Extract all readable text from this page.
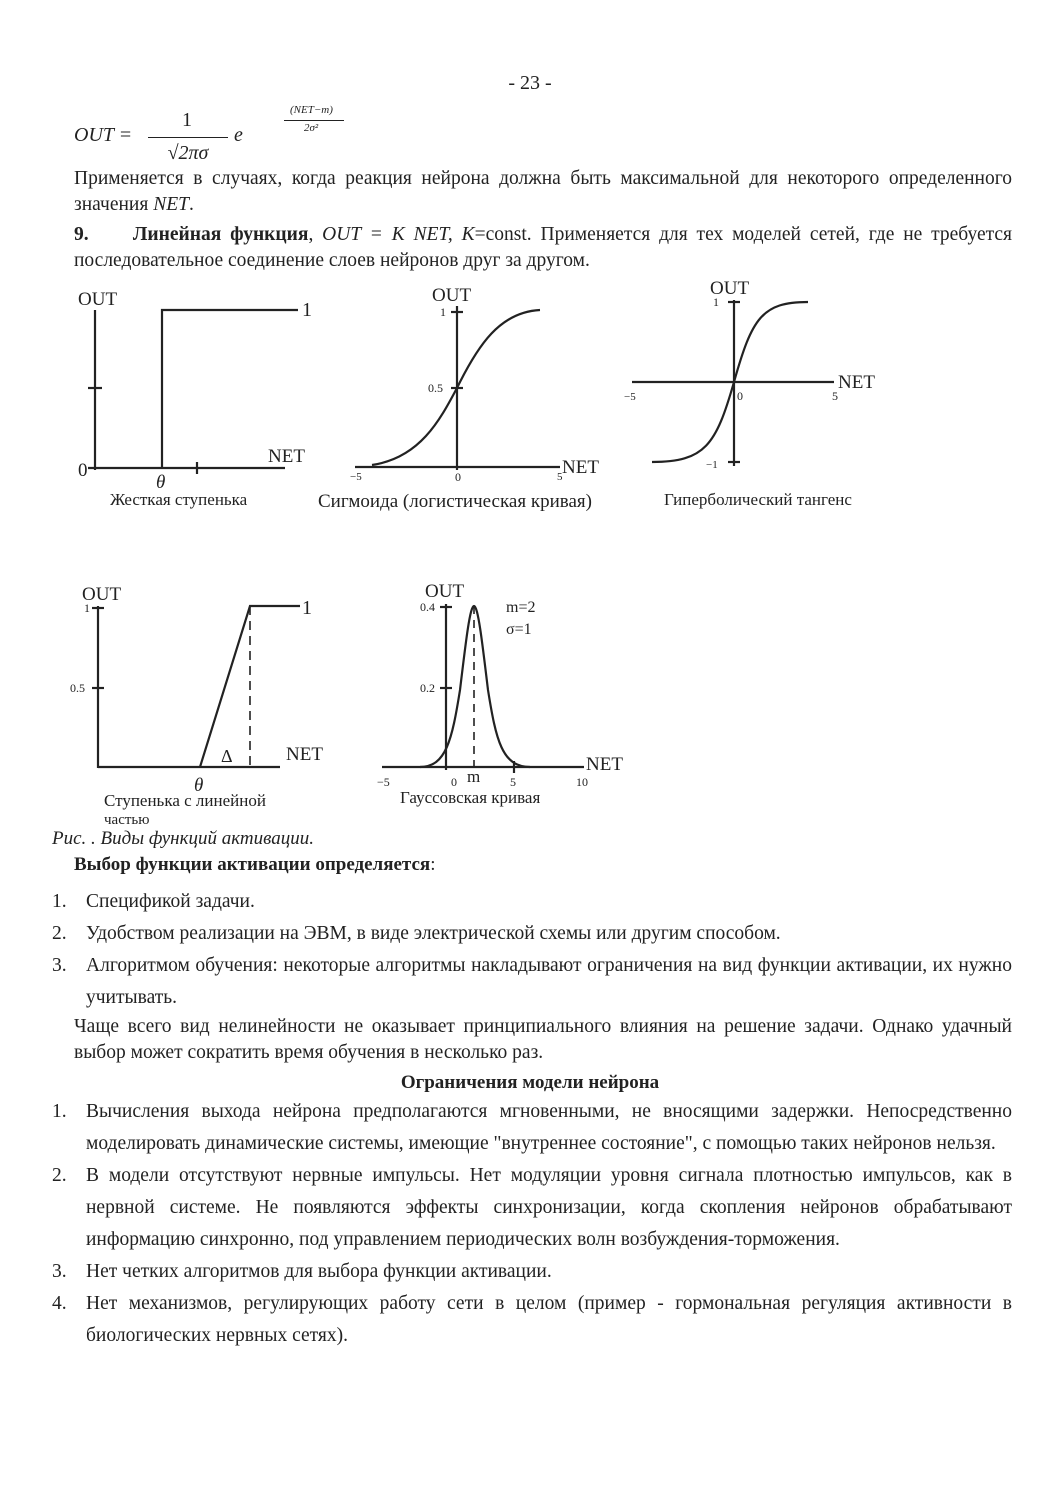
- 23 -
OUT =
1
√2πσ
e
(NET−m)
2σ²
Применяется в случаях, когда реакция нейрона должна быть максимальной для некоторого определенного значения NET.
9. Линейная функция, OUT = K NET, K=const. Применяется для тех моделей сетей, где не требуется последовательное соединение слоев нейронов друг за другом.
OUT	1
0
NET
θ
Жесткая ступенька
OUT
1
0.5
−5	0	5 NET
Сигмоида (логистическая кривая)
OUT
1
−1
−5	0	5
NET
Гиперболический тангенс
OUT
1
0.5
1
NET
Δ
θ
Ступенька с линейной
частью
OUT
0.4
0.2
m=2
σ=1
−5	0 m 5	10
NET
Гауссовская кривая
Рис. . Виды функций активации.
Выбор функции активации определяется:
1. Спецификой задачи.
2. Удобством реализации на ЭВМ, в виде электрической схемы или другим способом.
3. Алгоритмом обучения: некоторые алгоритмы накладывают ограничения на вид функции активации, их нужно учитывать.
Чаще всего вид нелинейности не оказывает принципиального влияния на решение задачи. Однако удачный выбор может сократить время обучения в несколько раз.
Ограничения модели нейрона
1. Вычисления выхода нейрона предполагаются мгновенными, не вносящими задержки. Непосредственно моделировать динамические системы, имеющие "внутреннее состояние", с помощью таких нейронов нельзя.
2. В модели отсутствуют нервные импульсы. Нет модуляции уровня сигнала плотностью импульсов, как в нервной системе. Не появляются эффекты синхронизации, когда скопления нейронов обрабатывают информацию синхронно, под управлением периодических волн возбуждения-торможения.
3. Нет четких алгоритмов для выбора функции активации.
4. Нет механизмов, регулирующих работу сети в целом (пример - гормональная регуляция активности в биологических нервных сетях).
